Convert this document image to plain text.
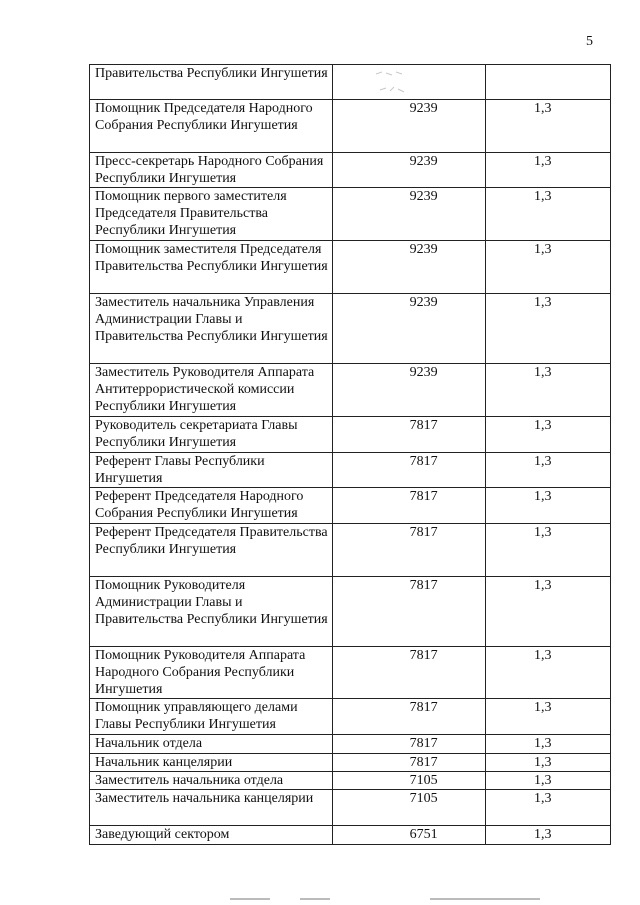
5
Правительства Республики Ингушетия		
Помощник Председателя Народного Собрания Республики Ингушетия	9239	1,3
Пресс-секретарь Народного Собрания Республики Ингушетия	9239	1,3
Помощник первого заместителя Председателя Правительства Республики Ингушетия	9239	1,3
Помощник заместителя Председателя Правительства Республики Ингушетия	9239	1,3
Заместитель начальника Управления Администрации Главы и Правительства Республики Ингушетия	9239	1,3
Заместитель Руководителя Аппарата Антитеррористической комиссии Республики Ингушетия	9239	1,3
Руководитель секретариата Главы Республики Ингушетия	7817	1,3
Референт Главы Республики Ингушетия	7817	1,3
Референт Председателя Народного Собрания Республики Ингушетия	7817	1,3
Референт Председателя Правительства Республики Ингушетия	7817	1,3
Помощник Руководителя Администрации Главы и Правительства Республики Ингушетия	7817	1,3
Помощник Руководителя Аппарата Народного Собрания Республики Ингушетия	7817	1,3
Помощник управляющего делами Главы Республики Ингушетия	7817	1,3
Начальник отдела	7817	1,3
Начальник канцелярии	7817	1,3
Заместитель начальника отдела	7105	1,3
Заместитель начальника канцелярии	7105	1,3
Заведующий сектором	6751	1,3
